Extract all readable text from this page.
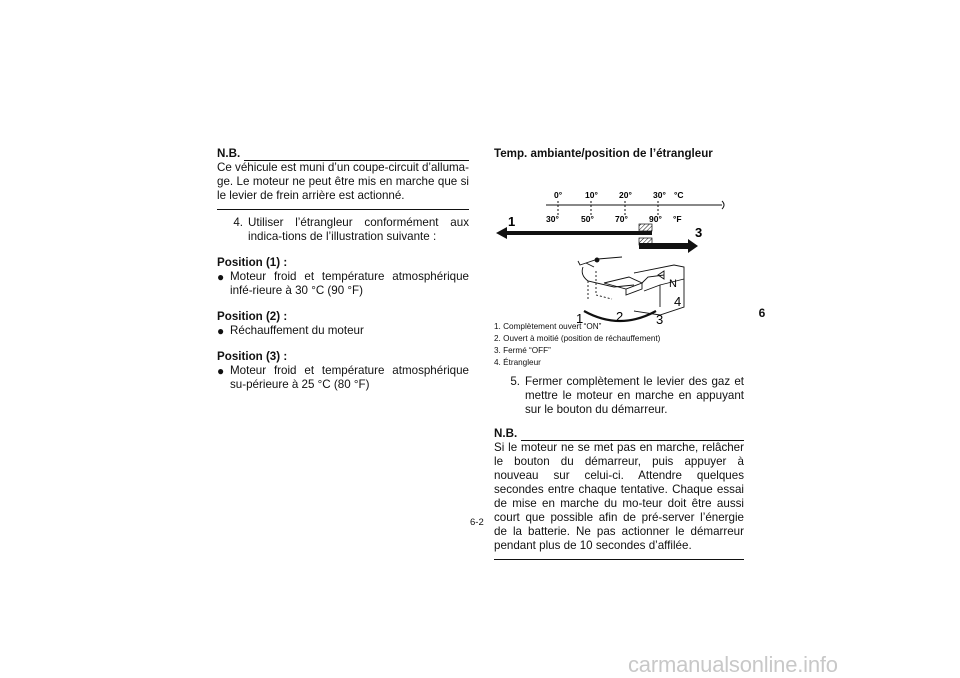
N.B.
Ce véhicule est muni d’un coupe-circuit d’alluma-ge. Le moteur ne peut être mis en marche que si le levier de frein arrière est actionné.
4. Utiliser l’étrangleur conformément aux indica-tions de l’illustration suivante :
Position (1) :
● Moteur froid et température atmosphérique infé-rieure à 30 °C (90 °F)
Position (2) :
● Réchauffement du moteur
Position (3) :
● Moteur froid et température atmosphérique su-périeure à 25 °C (80 °F)
Temp. ambiante/position de l’étrangleur
0°	10° 20° 30° °C
30°	50° 70° 90° °F
1
3
N
4
1	2	3
1. Complètement ouvert “ON”
2. Ouvert à moitié (position de réchauffement)
3. Fermé “OFF”
4. Étrangleur
5. Fermer complètement le levier des gaz et mettre le moteur en marche en appuyant sur le bouton du démarreur.
N.B.
Si le moteur ne se met pas en marche, relâcher le bouton du démarreur, puis appuyer à nouveau sur celui-ci. Attendre quelques secondes entre chaque tentative. Chaque essai de mise en marche du mo-teur doit être aussi court que possible afin de pré-server l’énergie de la batterie. Ne pas actionner le démarreur pendant plus de 10 secondes d’affilée.
6
6-2
carmanualsonline.info
